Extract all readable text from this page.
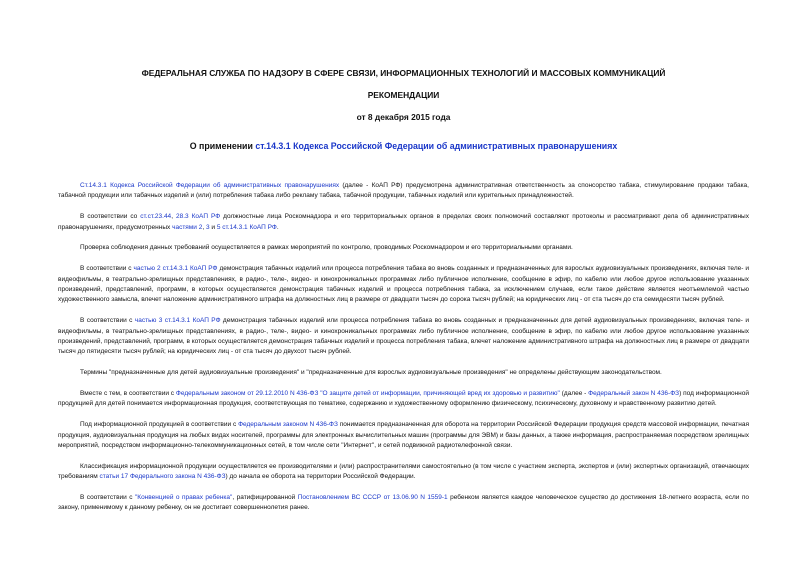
ФЕДЕРАЛЬНАЯ СЛУЖБА ПО НАДЗОРУ В СФЕРЕ СВЯЗИ, ИНФОРМАЦИОННЫХ ТЕХНОЛОГИЙ И МАССОВЫХ КОММУНИКАЦИЙ
РЕКОМЕНДАЦИИ
от 8 декабря 2015 года
О применении ст.14.3.1 Кодекса Российской Федерации об административных правонарушениях

Ст.14.3.1 Кодекса Российской Федерации об административных правонарушениях (далее - КоАП РФ) предусмотрена административная ответственность за спонсорство табака, стимулирование продажи табака, табачной продукции или табачных изделий и (или) потребления табака либо рекламу табака, табачной продукции, табачных изделий или курительных принадлежностей.

В соответствии со ст.ст.23.44, 28.3 КоАП РФ должностные лица Роскомнадзора и его территориальных органов в пределах своих полномочий составляют протоколы и рассматривают дела об административных правонарушениях, предусмотренных частями 2, 3 и 5 ст.14.3.1 КоАП РФ.

Проверка соблюдения данных требований осуществляется в рамках мероприятий по контролю, проводимых Роскомнадзором и его территориальными органами.

В соответствии с частью 2 ст.14.3.1 КоАП РФ демонстрация табачных изделий или процесса потребления табака во вновь созданных и предназначенных для взрослых аудиовизуальных произведениях, включая теле- и видеофильмы, в театрально-зрелищных представлениях, в радио-, теле-, видео- и кинохроникальных программах либо публичное исполнение, сообщение в эфир, по кабелю или любое другое использование указанных произведений, представлений, программ, в которых осуществляется демонстрация табачных изделий и процесса потребления табака, за исключением случаев, если такое действие является неотъемлемой частью художественного замысла, влечет наложение административного штрафа на должностных лиц в размере от двадцати тысяч до сорока тысяч рублей; на юридических лиц - от ста тысяч до ста семидесяти тысяч рублей.

В соответствии с частью 3 ст.14.3.1 КоАП РФ демонстрация табачных изделий или процесса потребления табака во вновь созданных и предназначенных для детей аудиовизуальных произведениях, включая теле- и видеофильмы, в театрально-зрелищных представлениях, в радио-, теле-, видео- и кинохроникальных программах либо публичное исполнение, сообщение в эфир, по кабелю или любое другое использование указанных произведений, представлений, программ, в которых осуществляется демонстрация табачных изделий и процесса потребления табака, влечет наложение административного штрафа на должностных лиц в размере от двадцати тысяч до пятидесяти тысяч рублей; на юридических лиц - от ста тысяч до двухсот тысяч рублей.

Термины "предназначенные для детей аудиовизуальные произведения" и "предназначенные для взрослых аудиовизуальные произведения" не определены действующим законодательством.

Вместе с тем, в соответствии с Федеральным законом от 29.12.2010 N 436-ФЗ "О защите детей от информации, причиняющей вред их здоровью и развитию" (далее - Федеральный закон N 436-ФЗ) под информационной продукцией для детей понимается информационная продукция, соответствующая по тематике, содержанию и художественному оформлению физическому, психическому, духовному и нравственному развитию детей.

Под информационной продукцией в соответствии с Федеральным законом N 436-ФЗ понимается предназначенная для оборота на территории Российской Федерации продукция средств массовой информации, печатная продукция, аудиовизуальная продукция на любых видах носителей, программы для электронных вычислительных машин (программы для ЭВМ) и базы данных, а также информация, распространяемая посредством зрелищных мероприятий, посредством информационно-телекоммуникационных сетей, в том числе сети "Интернет", и сетей подвижной радиотелефонной связи.

Классификация информационной продукции осуществляется ее производителями и (или) распространителями самостоятельно (в том числе с участием эксперта, экспертов и (или) экспертных организаций, отвечающих требованиям статьи 17 Федерального закона N 436-ФЗ) до начала ее оборота на территории Российской Федерации.

В соответствии с "Конвенцией о правах ребенка", ратифицированной Постановлением ВС СССР от 13.06.90 N 1559-1 ребенком является каждое человеческое существо до достижения 18-летнего возраста, если по закону, применимому к данному ребенку, он не достигает совершеннолетия ранее.
